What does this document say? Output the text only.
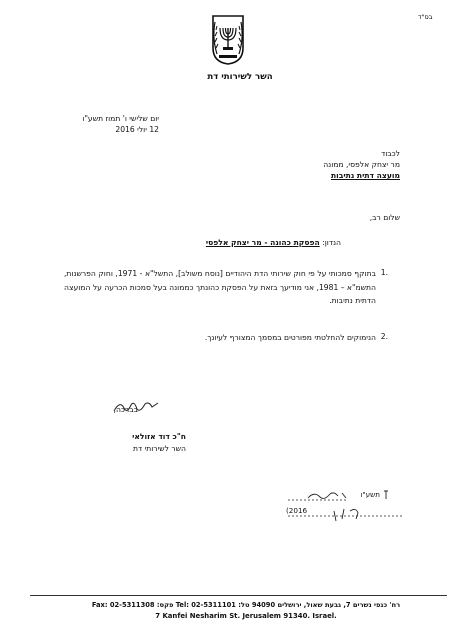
בס"ד
השר לשירותי דת
יום שלישי ו' תמוז תשע"ו
12 יולי 2016
לכבוד
מר יצחק אלפסי, ממונה
מועצה דתית נתיבות
שלום רב,
הנדון: הפסקת כהונה - מר יצחק אלפסי
1.
בתוקף סמכותי על פי חוק שירותי הדת היהודיים [נוסח משולב], התשל"א - 1971, וחוק הפרשנות, התשמ"א – 1981, אני מודיעך בזאת על הפסקת כהונתך כממונה בעל סמכות הכרעה על המועצה הדתית נתיבות.
2.
הנימוקים להחלטתי מפורטים במסמך המצורף לעיונך.
בברכה,
ח"כ דוד אזולאי
השר לשירותי דת
תשע"ו
(2016
רח' כנפי נשרים 7, גבעת שאול, ירושלים 94090 טל: 02-5311101 :Tel פקס: 02-5311308 :Fax
7 Kanfei Nesharim St. Jerusalem 91340. Israel.
